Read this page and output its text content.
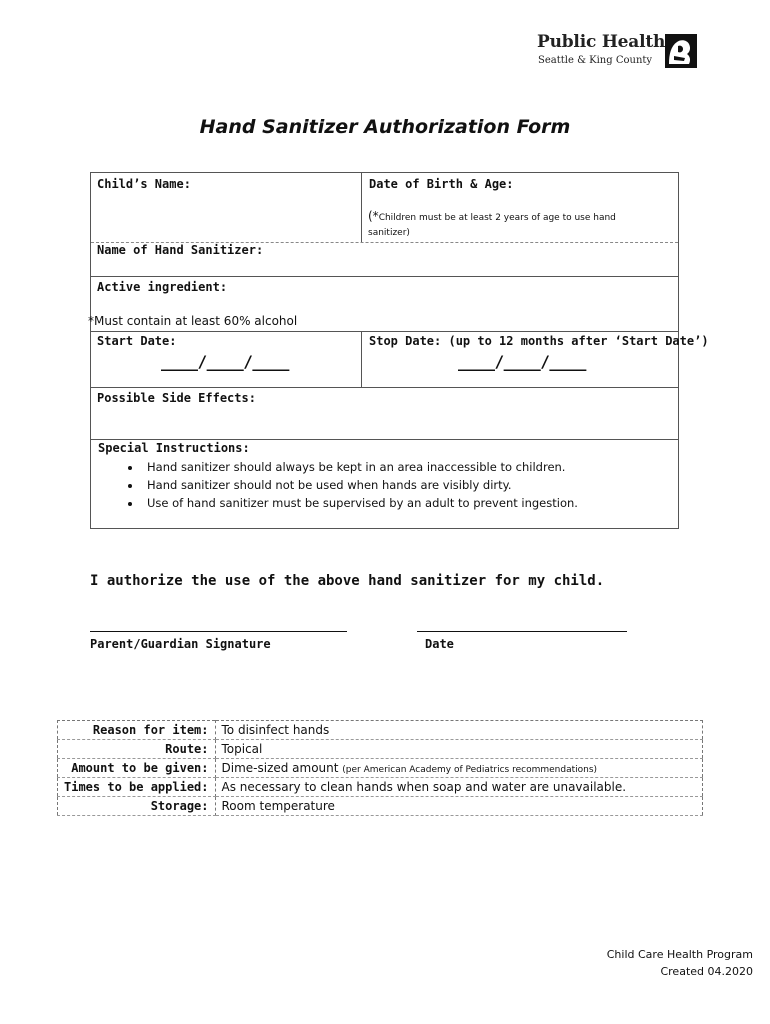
Public Health
Seattle & King County
Hand Sanitizer Authorization Form
Child’s Name:	Date of Birth & Age:
(*Children must be at least 2 years of age to use hand
sanitizer)
Name of Hand Sanitizer:
Active ingredient:
Start Date:
____/____/____
Stop Date: (up to 12 months after ‘Start Date’)
____/____/____
Possible Side Effects:
Special Instructions:
• Hand sanitizer should always be kept in an area inaccessible to children.
• Hand sanitizer should not be used when hands are visibly dirty.
• Use of hand sanitizer must be supervised by an adult to prevent ingestion.
*Must contain at least 60% alcohol
I authorize the use of the above hand sanitizer for my child.
Parent/Guardian Signature	Date
Reason for item:	To disinfect hands
Route:	Topical
Amount to be given:	Dime-sized amount (per American Academy of Pediatrics recommendations)
Times to be applied:	As necessary to clean hands when soap and water are unavailable.
Storage:	Room temperature
Child Care Health Program
Created 04.2020
